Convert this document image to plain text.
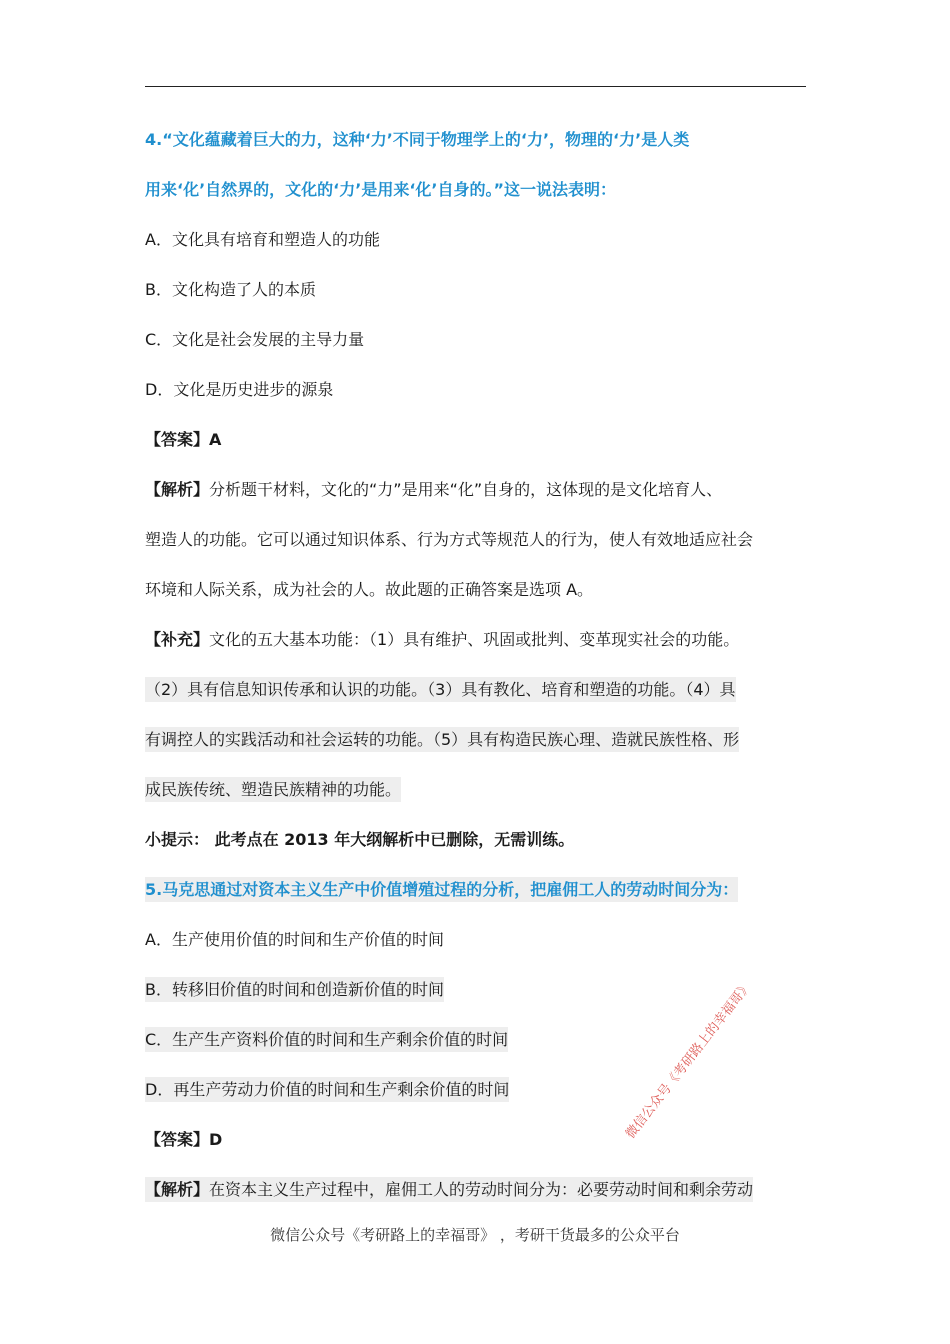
4.“文化蕴藏着巨大的力，这种‘力’不同于物理学上的‘力’，物理的‘力’是人类
用来‘化’自然界的，文化的‘力’是用来‘化’自身的。”这一说法表明：
A．文化具有培育和塑造人的功能
B．文化构造了人的本质
C．文化是社会发展的主导力量
D．文化是历史进步的源泉
【答案】A
【解析】分析题干材料，文化的“力”是用来“化”自身的，这体现的是文化培育人、
塑造人的功能。它可以通过知识体系、行为方式等规范人的行为，使人有效地适应社会
环境和人际关系，成为社会的人。故此题的正确答案是选项 A。
【补充】文化的五大基本功能：（1）具有维护、巩固或批判、变革现实社会的功能。
（2）具有信息知识传承和认识的功能。（3）具有教化、培育和塑造的功能。（4）具
有调控人的实践活动和社会运转的功能。（5）具有构造民族心理、造就民族性格、形
成民族传统、塑造民族精神的功能。
小提示： 此考点在 2013 年大纲解析中已删除，无需训练。
5.马克思通过对资本主义生产中价值增殖过程的分析，把雇佣工人的劳动时间分为：
A．生产使用价值的时间和生产价值的时间
B．转移旧价值的时间和创造新价值的时间
C．生产生产资料价值的时间和生产剩余价值的时间
D．再生产劳动力价值的时间和生产剩余价值的时间
【答案】D
【解析】在资本主义生产过程中，雇佣工人的劳动时间分为：必要劳动时间和剩余劳动
微信公众号《考研路上的幸福哥》
微信公众号《考研路上的幸福哥》 ，考研干货最多的公众平台
